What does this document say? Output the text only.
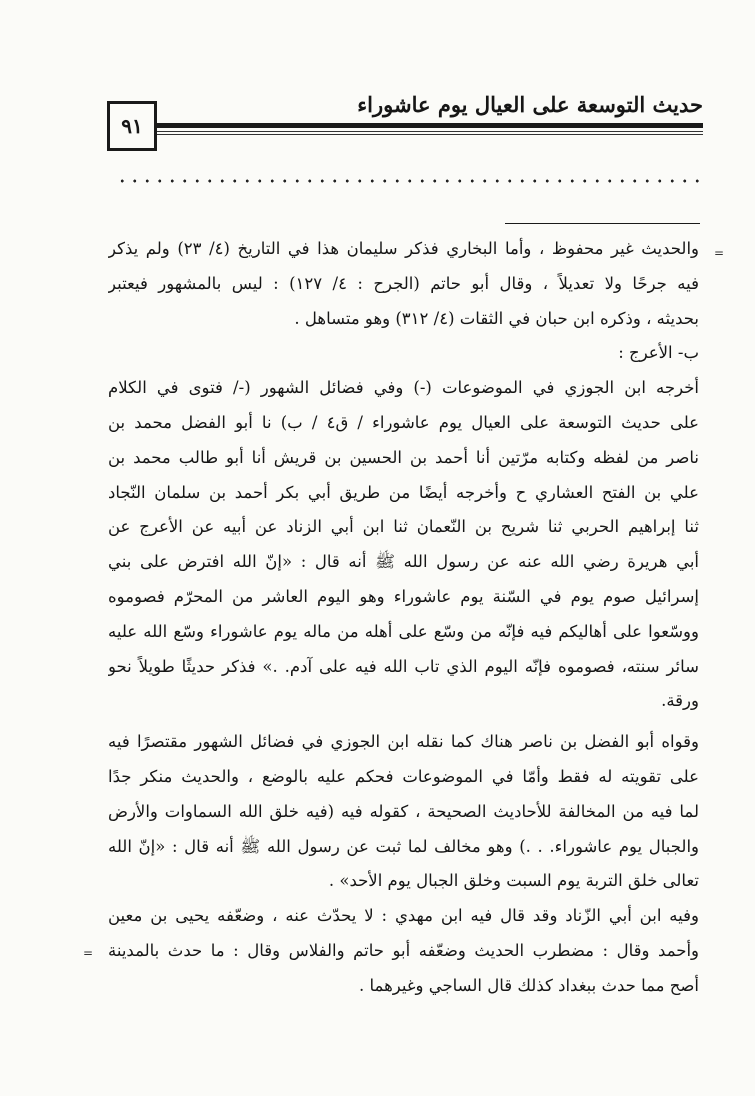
٩١
حديث التوسعة على العيال يوم عاشوراء
=
=
والحديث غير محفوظ ، وأما البخاري فذكر سليمان هذا في التاريخ (٤/ ٢٣) ولم يذكر
فيه جرحًا ولا تعديلاً ، وقال أبو حاتم (الجرح : ٤/ ١٢٧) : ليس بالمشهور فيعتبر
بحديثه ، وذكره ابن حبان في الثقات (٤/ ٣١٢) وهو متساهل .
ب- الأعرج :
أخرجه ابن الجوزي في الموضوعات (-) وفي فضائل الشهور (-/ فتوى في الكلام
على حديث التوسعة على العيال يوم عاشوراء / ق٤ / ب) نا أبو الفضل محمد بن
ناصر من لفظه وكتابه مرّتين أنا أحمد بن الحسين بن قريش أنا أبو طالب محمد بن
علي بن الفتح العشاري ح وأخرجه أيضًا من طريق أبي بكر أحمد بن سلمان النّجاد
ثنا إبراهيم الحربي ثنا شريح بن النّعمان ثنا ابن أبي الزناد عن أبيه عن الأعرج عن
أبي هريرة رضي الله عنه عن رسول الله ﷺ أنه قال : «إنّ الله افترض على بني
إسرائيل صوم يوم في السّنة يوم عاشوراء وهو اليوم العاشر من المحرّم فصوموه
ووسّعوا على أهاليكم فيه فإنّه من وسّع على أهله من ماله يوم عاشوراء وسّع الله عليه
سائر سنته، فصوموه فإنّه اليوم الذي تاب الله فيه على آدم. .» فذكر حديثًا طويلاً نحو
ورقة.
وقواه أبو الفضل بن ناصر هناك كما نقله ابن الجوزي في فضائل الشهور مقتصرًا فيه
على تقويته له فقط وأمّا في الموضوعات فحكم عليه بالوضع ، والحديث منكر جدًا
لما فيه من المخالفة للأحاديث الصحيحة ، كقوله فيه (فيه خلق الله السماوات والأرض
والجبال يوم عاشوراء. . .) وهو مخالف لما ثبت عن رسول الله ﷺ أنه قال : «إنّ الله
تعالى خلق التربة يوم السبت وخلق الجبال يوم الأحد» .
وفيه ابن أبي الزّناد وقد قال فيه ابن مهدي : لا يحدّث عنه ، وضعّفه يحيى بن معين
وأحمد وقال : مضطرب الحديث وضعّفه أبو حاتم والفلاس وقال : ما حدث بالمدينة
أصح مما حدث ببغداد كذلك قال الساجي وغيرهما .
